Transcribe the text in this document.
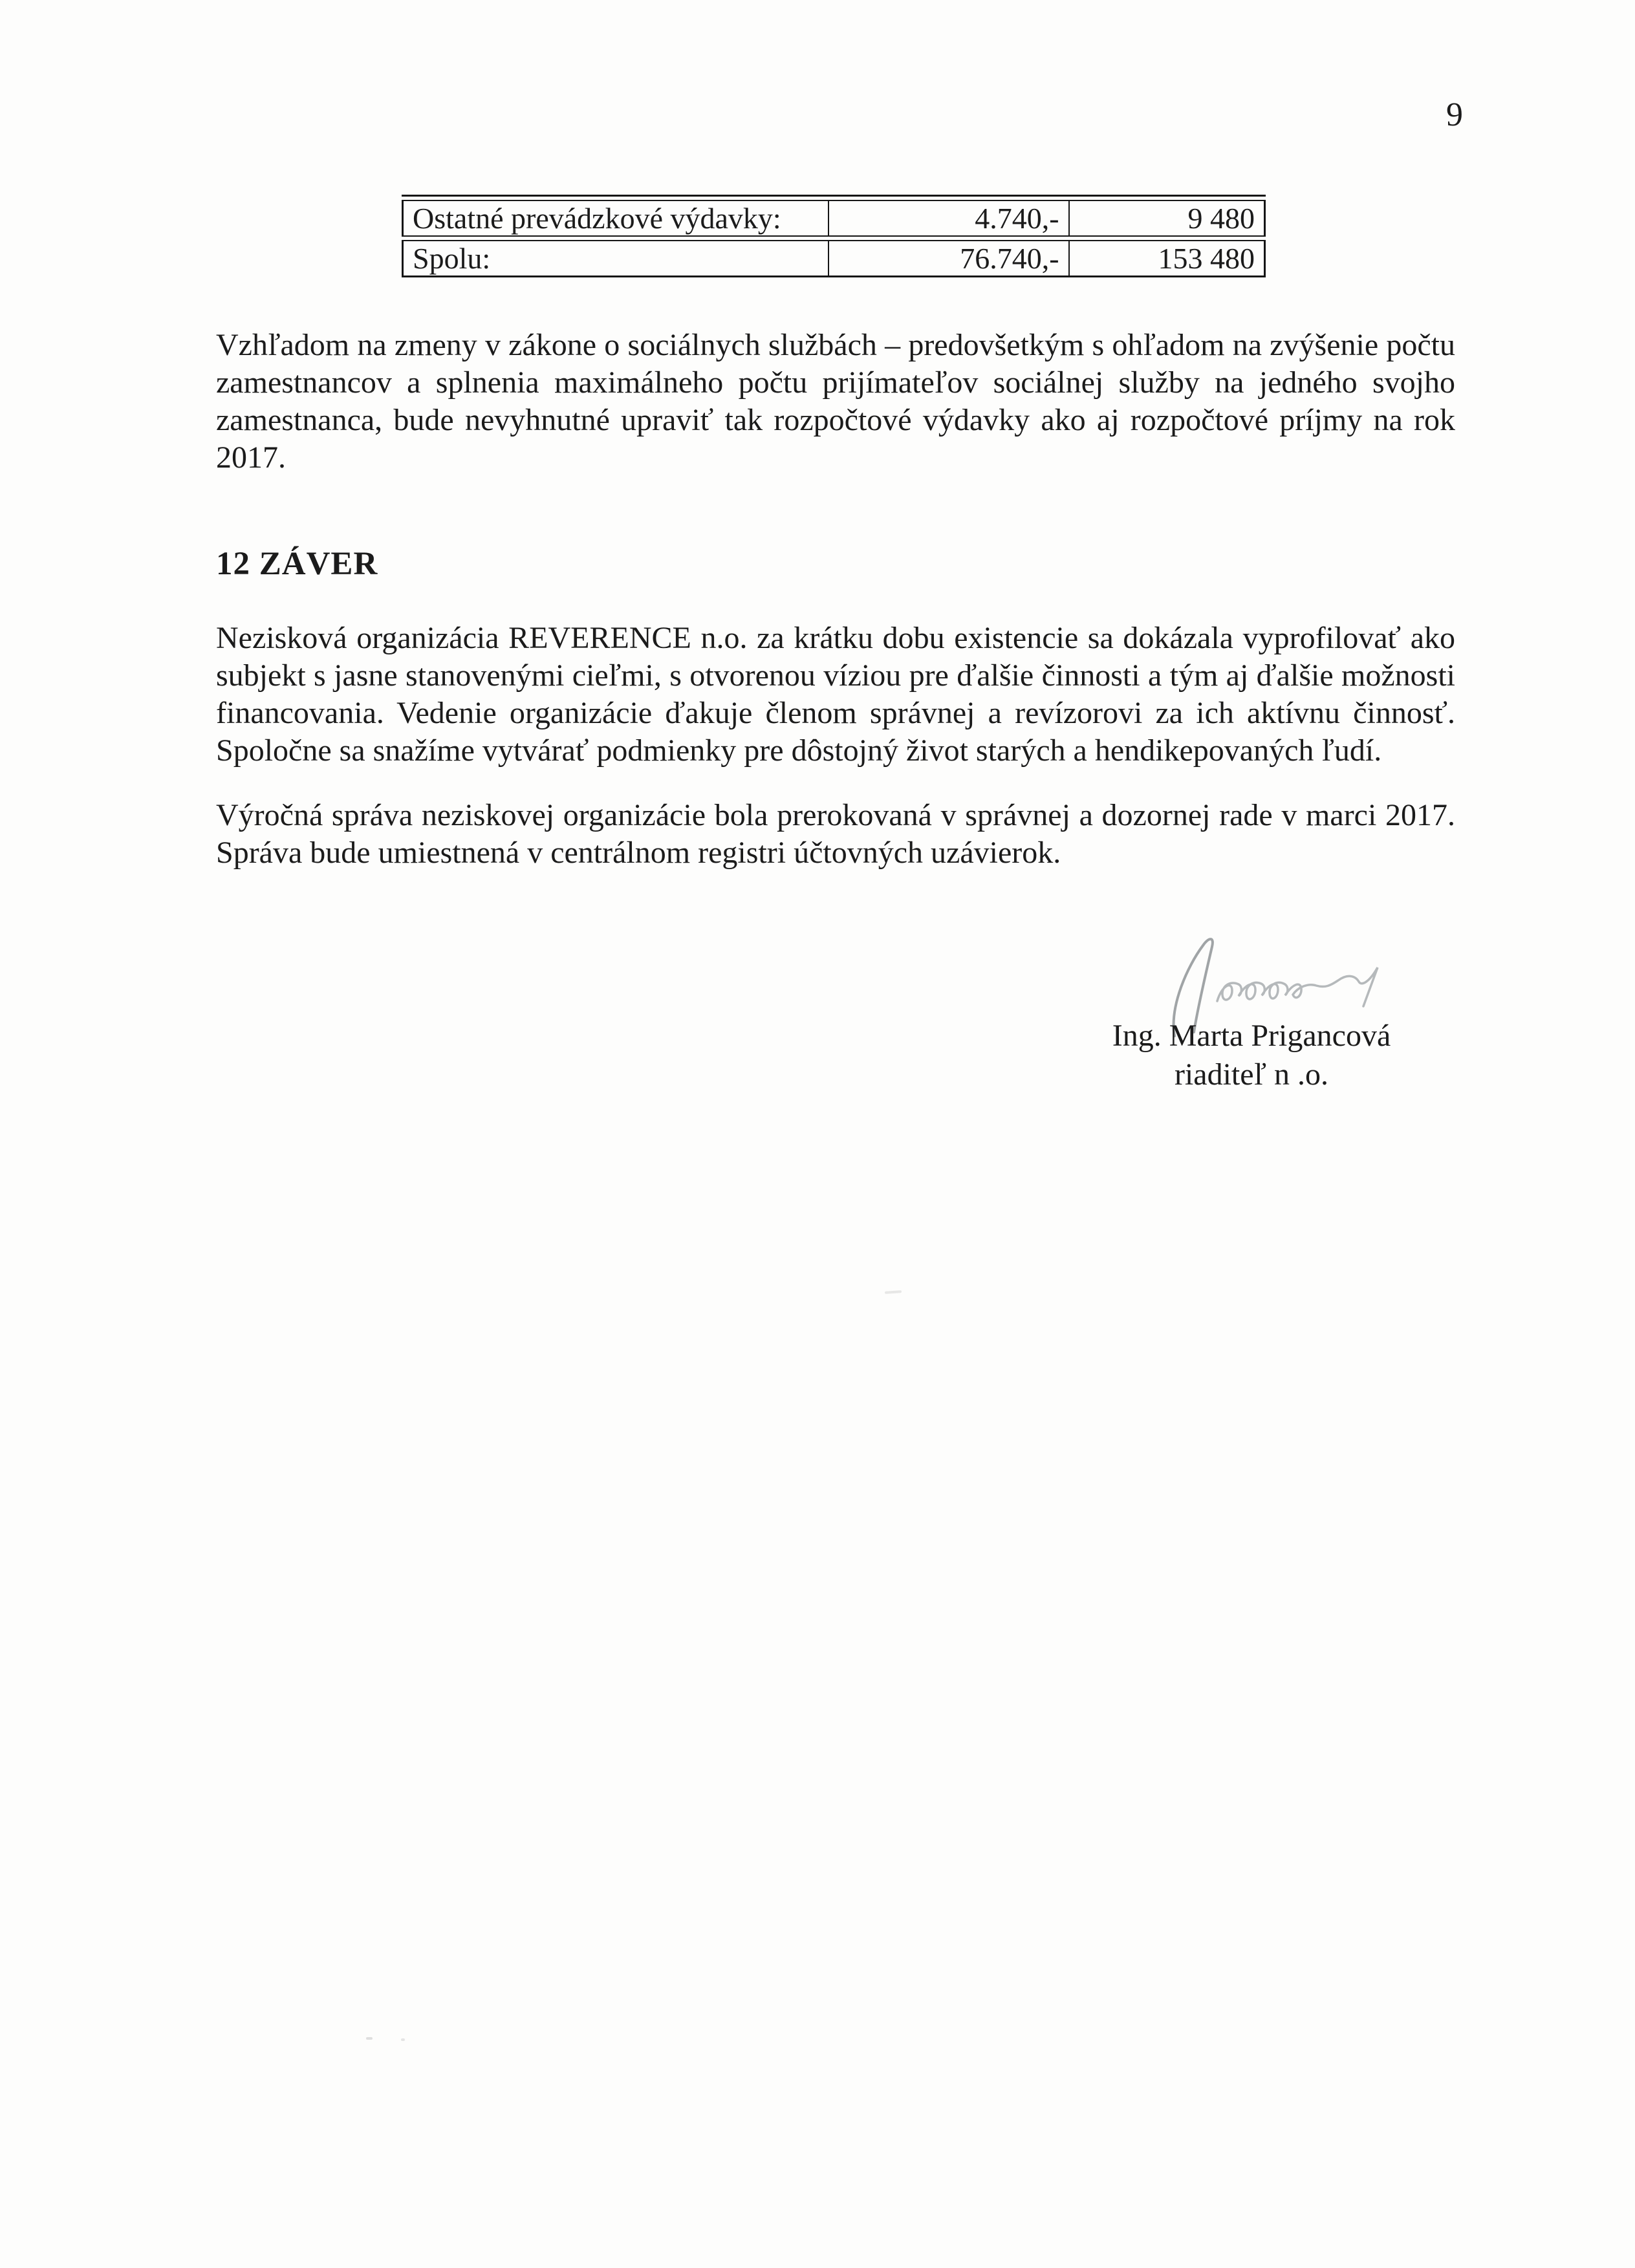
9
Ostatné prevádzkové výdavky:	4.740,-	9 480
Spolu:	76.740,-	153 480
Vzhľadom na zmeny v zákone o sociálnych službách – predovšetkým s ohľadom na zvýšenie počtu
zamestnancov a splnenia maximálneho počtu prijímateľov sociálnej služby na jedného svojho
zamestnanca, bude nevyhnutné upraviť tak rozpočtové výdavky ako aj rozpočtové príjmy na rok
2017.
12 ZÁVER
Nezisková organizácia REVERENCE n.o. za krátku dobu existencie sa dokázala vyprofilovať ako
subjekt s jasne stanovenými cieľmi, s otvorenou víziou pre ďalšie činnosti a tým aj ďalšie možnosti
financovania. Vedenie organizácie ďakuje členom správnej a revízorovi za ich aktívnu činnosť.
Spoločne sa snažíme vytvárať podmienky pre dôstojný život starých a hendikepovaných ľudí.
Výročná správa neziskovej organizácie bola prerokovaná v správnej a dozornej rade v marci 2017.
Správa bude umiestnená v centrálnom registri účtovných uzávierok.
Ing. Marta Prigancová
riaditeľ n .o.
